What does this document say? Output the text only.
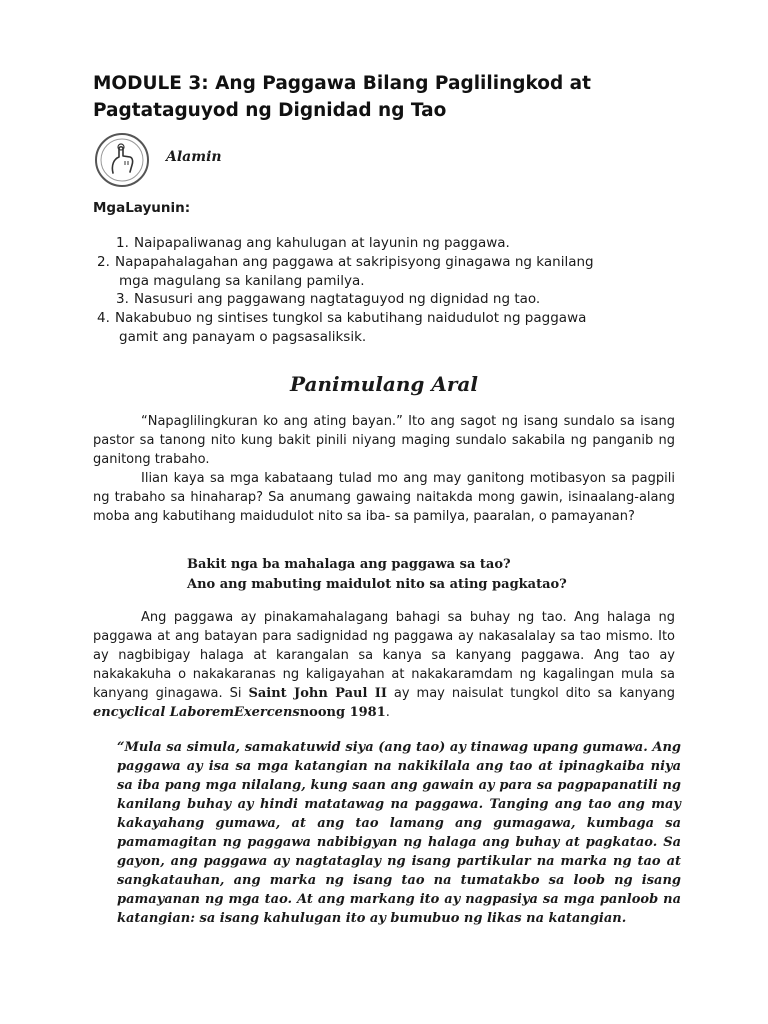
MODULE 3: Ang Paggawa Bilang Paglilingkod at Pagtataguyod ng Dignidad ng Tao
Alamin
MgaLayunin:
1. Naipapaliwanag ang kahulugan at layunin ng paggawa.
2. Napapahalagahan ang paggawa at sakripisyong ginagawa ng kanilang
mga magulang sa kanilang pamilya.
3. Nasusuri ang paggawang nagtataguyod ng dignidad ng tao.
4. Nakabubuo ng sintises tungkol sa kabutihang naidudulot ng paggawa
gamit ang panayam o pagsasaliksik.
Panimulang Aral

“Napaglilingkuran ko ang ating bayan.” Ito ang sagot ng isang sundalo sa isang pastor sa tanong nito kung bakit pinili niyang maging sundalo sakabila ng panganib ng ganitong trabaho.

Ilian kaya sa mga kabataang tulad mo ang may ganitong motibasyon sa pagpili ng trabaho sa hinaharap? Sa anumang gawaing naitakda mong gawin, isinaalang-alang moba ang kabutihang maidudulot nito sa iba- sa pamilya, paaralan, o pamayanan?

Bakit nga ba mahalaga ang paggawa sa tao?
Ano ang mabuting maidulot nito sa ating pagkatao?

Ang paggawa ay pinakamahalagang bahagi sa buhay ng tao. Ang halaga ng paggawa at ang batayan para sadignidad ng paggawa ay nakasalalay sa tao mismo. Ito ay nagbibigay halaga at karangalan sa kanya sa kanyang paggawa. Ang tao ay nakakakuha o nakakaranas ng kaligayahan at nakakaramdam ng kagalingan mula sa kanyang ginagawa. Si Saint John Paul II ay may naisulat tungkol dito sa kanyang encyclical LaboremExercensnoong 1981.

“Mula sa simula, samakatuwid siya (ang tao) ay tinawag upang gumawa. Ang paggawa ay isa sa mga katangian na nakikilala ang tao at ipinagkaiba niya sa iba pang mga nilalang, kung saan ang gawain ay para sa pagpapanatili ng kanilang buhay ay hindi matatawag na paggawa. Tanging ang tao ang may kakayahang gumawa, at ang tao lamang ang gumagawa, kumbaga sa pamamagitan ng paggawa nabibigyan ng halaga ang buhay at pagkatao. Sa gayon, ang paggawa ay nagtataglay ng isang partikular na marka ng tao at sangkatauhan, ang marka ng isang tao na tumatakbo sa loob ng isang pamayanan ng mga tao. At ang markang ito ay nagpasiya sa mga panloob na katangian: sa isang kahulugan ito ay bumubuo ng likas na katangian.
